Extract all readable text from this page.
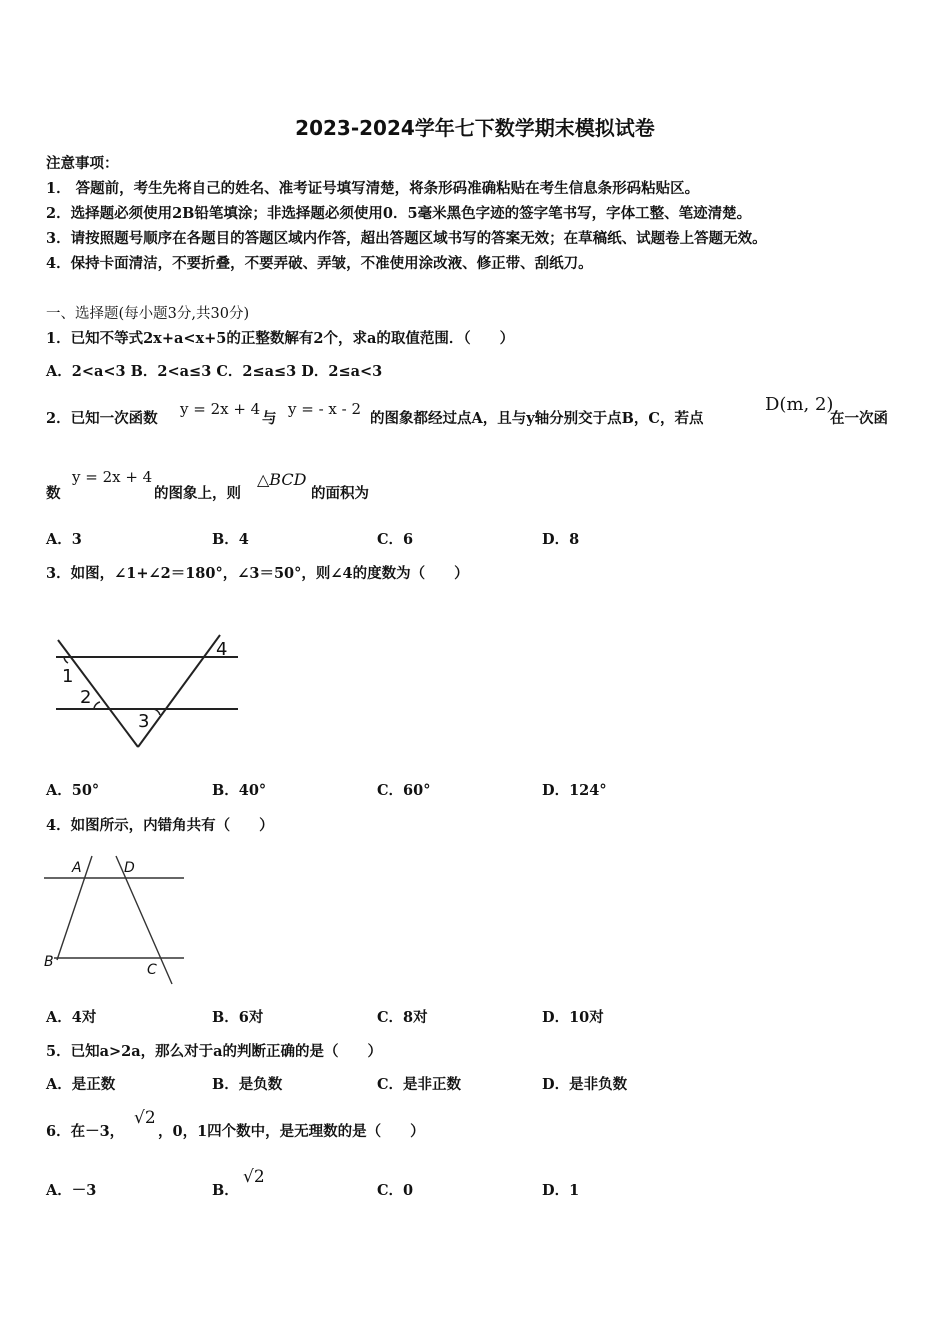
2023-2024学年七下数学期末模拟试卷
注意事项：
1． 答题前，考生先将自己的姓名、准考证号填写清楚，将条形码准确粘贴在考生信息条形码粘贴区。
2．选择题必须使用2B铅笔填涂；非选择题必须使用0．5毫米黑色字迹的签字笔书写，字体工整、笔迹清楚。
3．请按照题号顺序在各题目的答题区域内作答，超出答题区域书写的答案无效；在草稿纸、试题卷上答题无效。
4．保持卡面清洁，不要折叠，不要弄破、弄皱，不准使用涂改液、修正带、刮纸刀。
一、选择题(每小题3分,共30分)
1．已知不等式2x+a<x+5的正整数解有2个，求a的取值范围．（　　）
A．2<a<3 B．2<a≤3 C．2≤a≤3 D．2≤a<3
2．已知一次函数
y = 2x + 4
与
y = - x - 2
的图象都经过点A，且与y轴分别交于点B，C，若点
D(m, 2)
在一次函
数
y = 2x + 4
的图象上，则
△BCD
的面积为
A．3	B．4	C．6	D．8
3．如图，∠1+∠2＝180°，∠3＝50°，则∠4的度数为（　　）
1
2
3
4
A．50°	B．40°	C．60°	D．124°
4．如图所示，内错角共有（　　）
A	D
B	C
A．4对	B．6对	C．8对	D．10对
5．已知a>2a，那么对于a的判断正确的是（　　）
A．是正数	B．是负数	C．是非正数	D．是非负数
6．在－3，
√2
，0，1四个数中，是无理数的是（　　）
A．－3	B．
√2
C．0	D．1
